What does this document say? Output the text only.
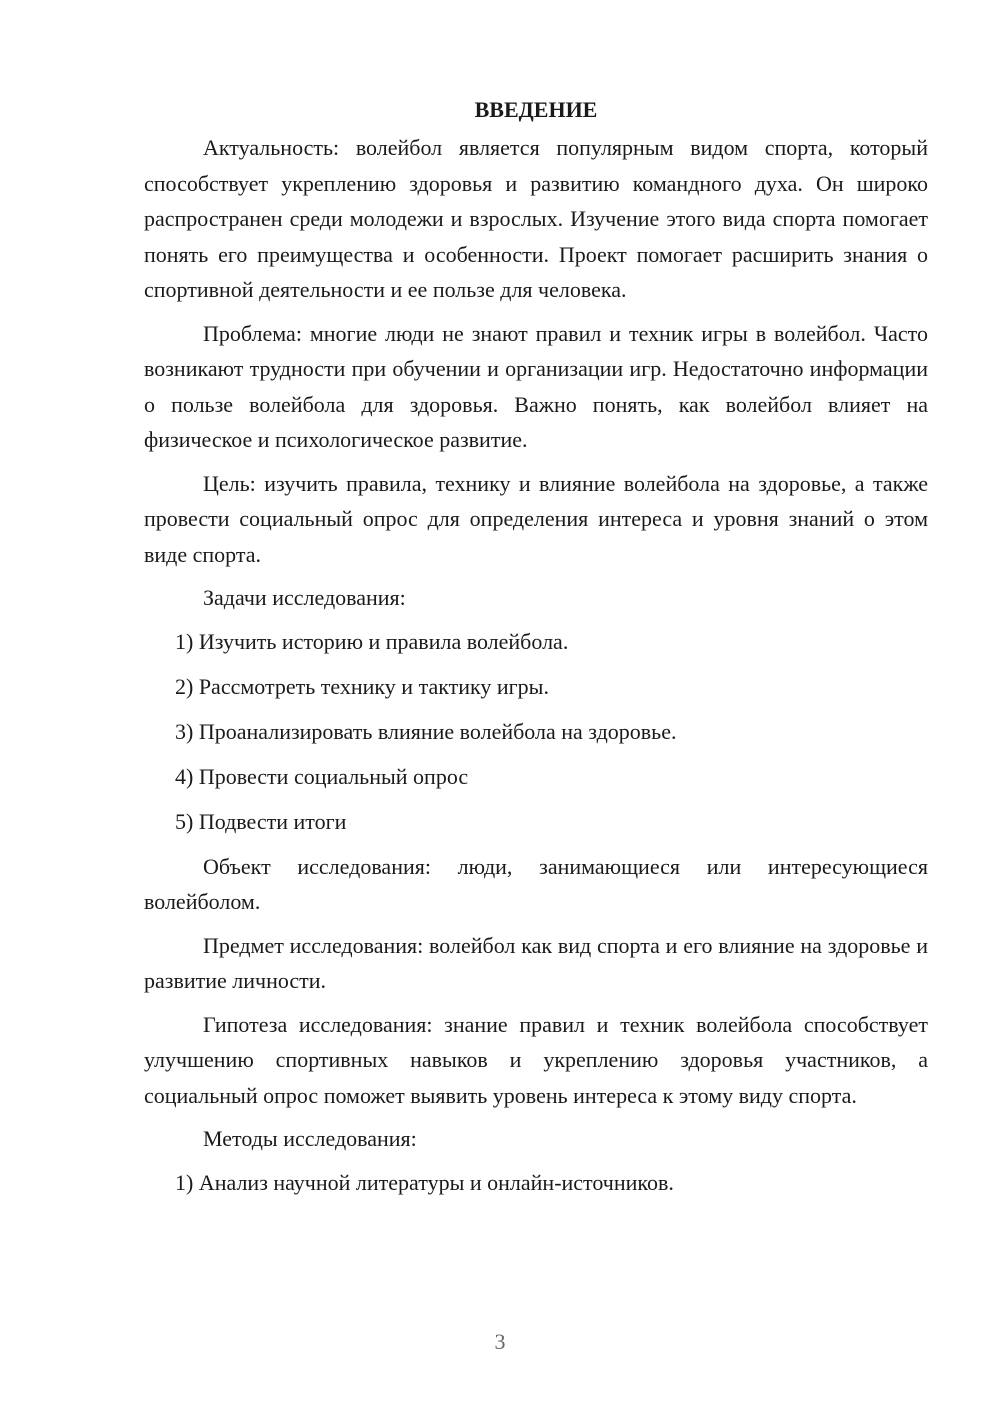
ВВЕДЕНИЕ

Актуальность: волейбол является популярным видом спорта, который способствует укреплению здоровья и развитию командного духа. Он широко распространен среди молодежи и взрослых. Изучение этого вида спорта помогает понять его преимущества и особенности. Проект помогает расширить знания о спортивной деятельности и ее пользе для человека.

Проблема: многие люди не знают правил и техник игры в волейбол. Часто возникают трудности при обучении и организации игр. Недостаточно информации о пользе волейбола для здоровья. Важно понять, как волейбол влияет на физическое и психологическое развитие.

Цель: изучить правила, технику и влияние волейбола на здоровье, а также провести социальный опрос для определения интереса и уровня знаний о этом виде спорта.

Задачи исследования:

1) Изучить историю и правила волейбола.
2) Рассмотреть технику и тактику игры.
3) Проанализировать влияние волейбола на здоровье.
4) Провести социальный опрос
5) Подвести итоги

Объект исследования: люди, занимающиеся или интересующиеся волейболом.

Предмет исследования: волейбол как вид спорта и его влияние на здоровье и развитие личности.

Гипотеза исследования: знание правил и техник волейбола способствует улучшению спортивных навыков и укреплению здоровья участников, а социальный опрос поможет выявить уровень интереса к этому виду спорта.

Методы исследования:

1) Анализ научной литературы и онлайн-источников.
3
